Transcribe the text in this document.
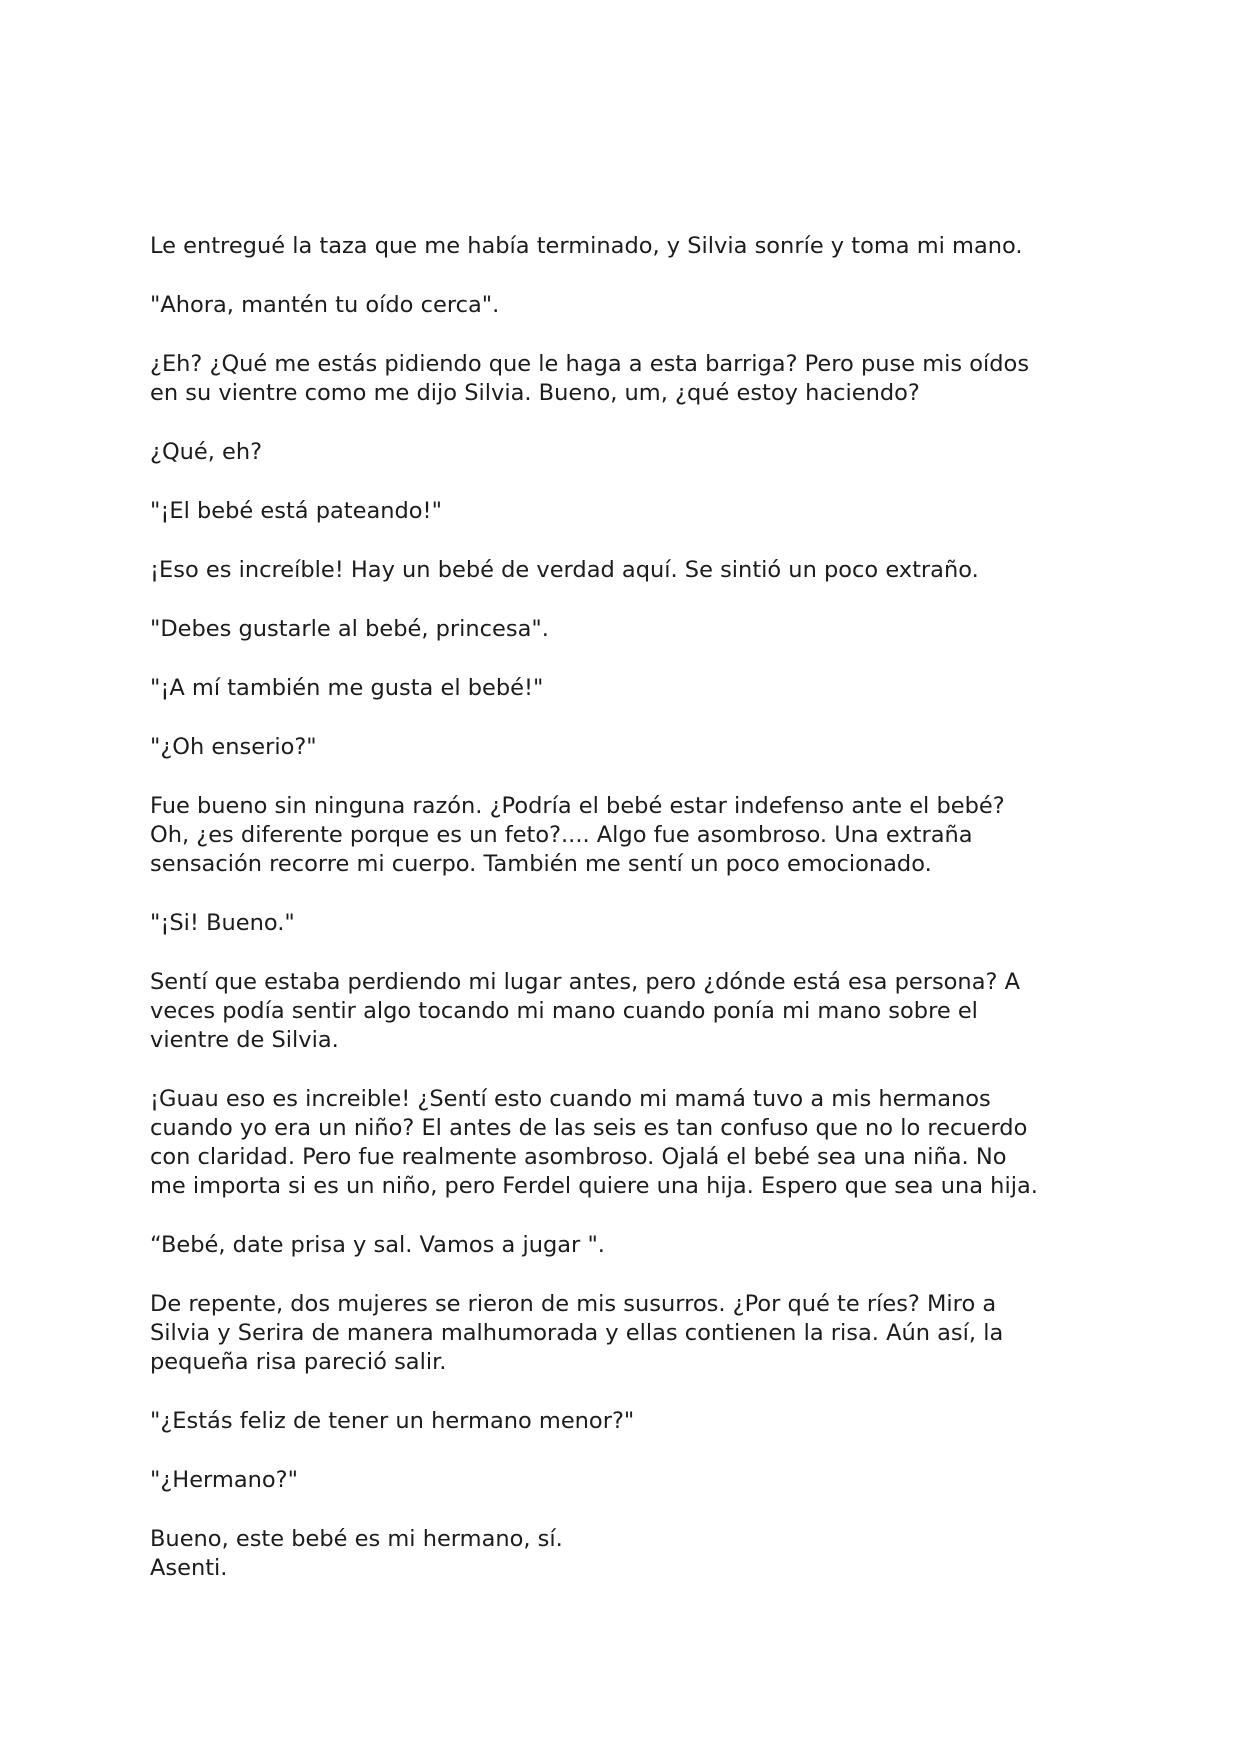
Le entregué la taza que me había terminado, y Silvia sonríe y toma mi mano.

"Ahora, mantén tu oído cerca".

¿Eh? ¿Qué me estás pidiendo que le haga a esta barriga? Pero puse mis oídos
en su vientre como me dijo Silvia. Bueno, um, ¿qué estoy haciendo?

¿Qué, eh?

"¡El bebé está pateando!"

¡Eso es increíble! Hay un bebé de verdad aquí. Se sintió un poco extraño.

"Debes gustarle al bebé, princesa".

"¡A mí también me gusta el bebé!"

"¿Oh enserio?"

Fue bueno sin ninguna razón. ¿Podría el bebé estar indefenso ante el bebé?
Oh, ¿es diferente porque es un feto?.... Algo fue asombroso. Una extraña
sensación recorre mi cuerpo. También me sentí un poco emocionado.

"¡Si! Bueno."

Sentí que estaba perdiendo mi lugar antes, pero ¿dónde está esa persona? A
veces podía sentir algo tocando mi mano cuando ponía mi mano sobre el
vientre de Silvia.

¡Guau eso es increible! ¿Sentí esto cuando mi mamá tuvo a mis hermanos
cuando yo era un niño? El antes de las seis es tan confuso que no lo recuerdo
con claridad. Pero fue realmente asombroso. Ojalá el bebé sea una niña. No
me importa si es un niño, pero Ferdel quiere una hija. Espero que sea una hija.

“Bebé, date prisa y sal. Vamos a jugar ".

De repente, dos mujeres se rieron de mis susurros. ¿Por qué te ríes? Miro a
Silvia y Serira de manera malhumorada y ellas contienen la risa. Aún así, la
pequeña risa pareció salir.

"¿Estás feliz de tener un hermano menor?"

"¿Hermano?"

Bueno, este bebé es mi hermano, sí.
Asenti.
